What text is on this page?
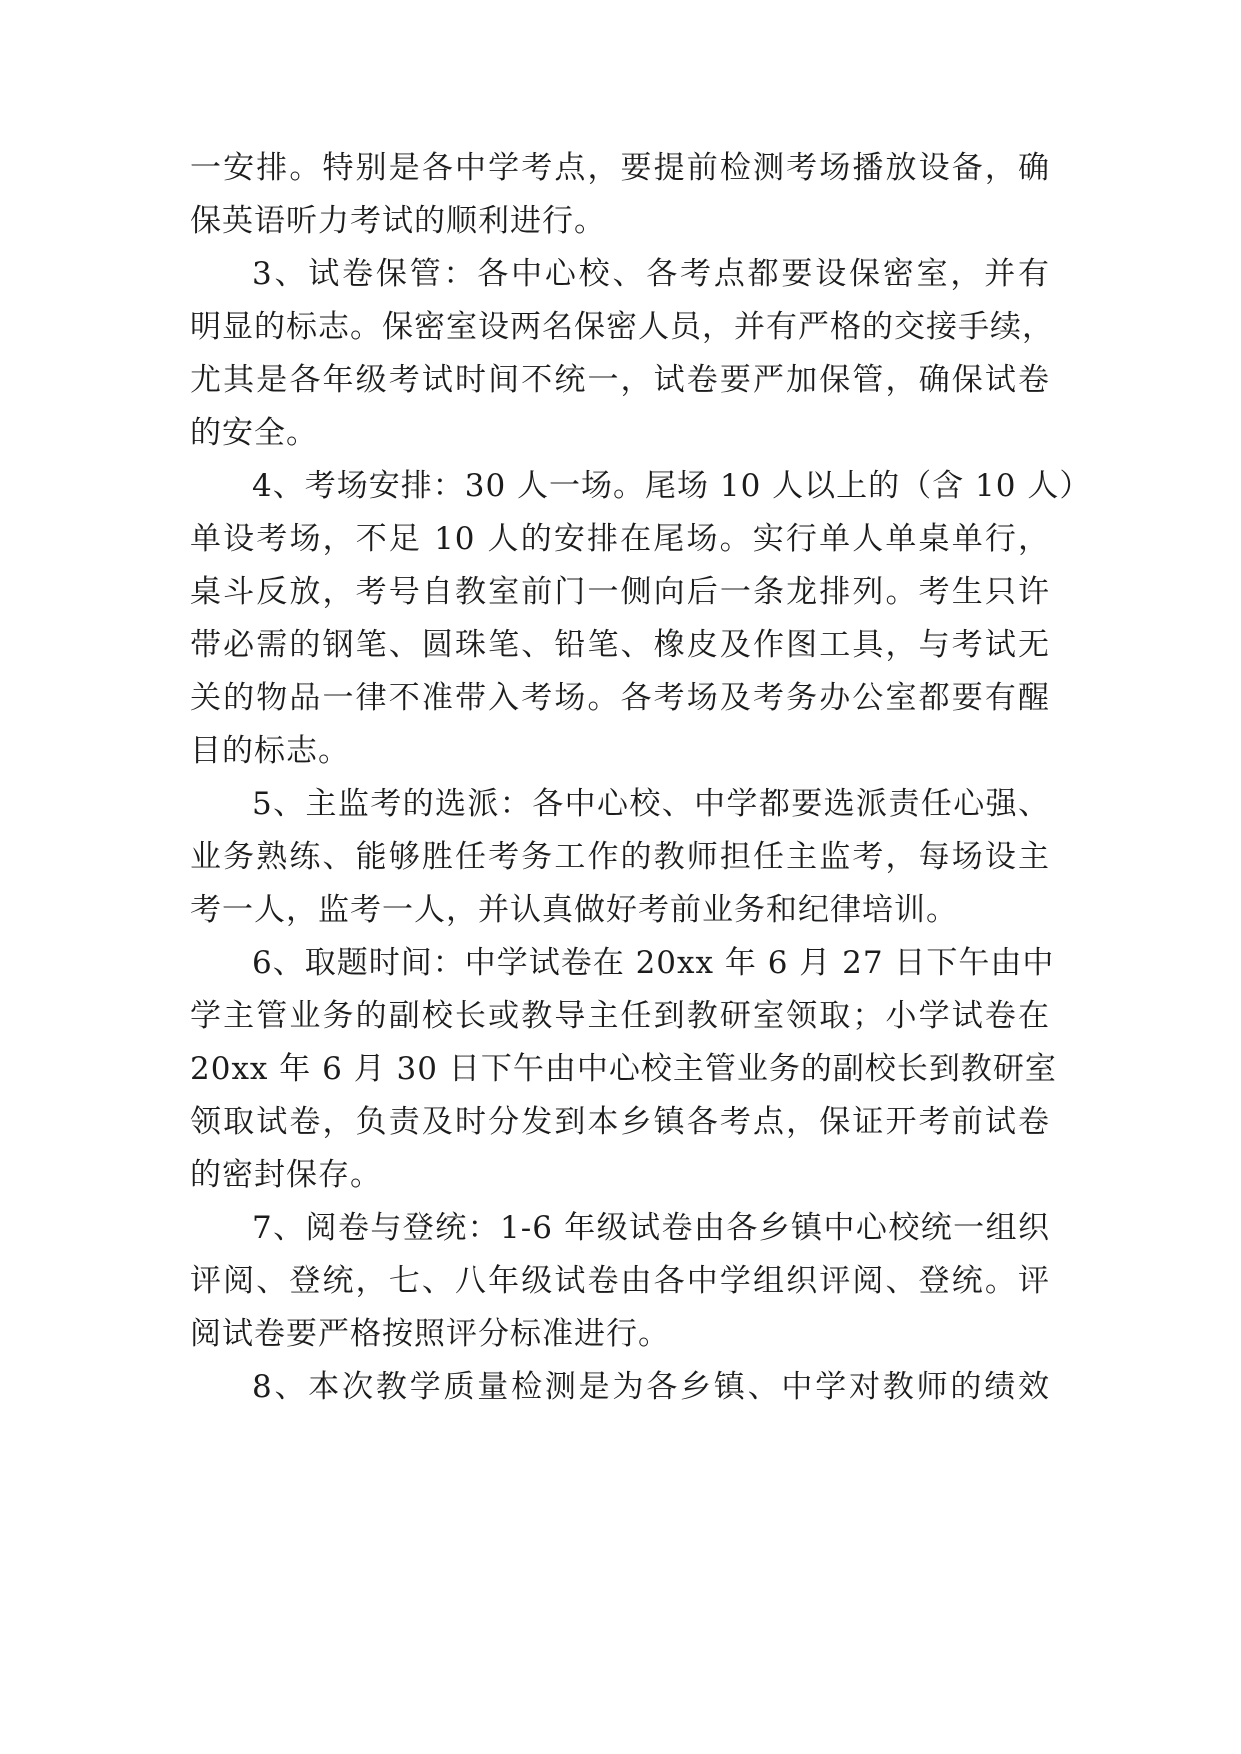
一安排。特别是各中学考点，要提前检测考场播放设备，确
保英语听力考试的顺利进行。
3、试卷保管：各中心校、各考点都要设保密室，并有
明显的标志。保密室设两名保密人员，并有严格的交接手续，
尤其是各年级考试时间不统一，试卷要严加保管，确保试卷
的安全。
4、考场安排：30 人一场。尾场 10 人以上的（含 10 人）
单设考场，不足 10 人的安排在尾场。实行单人单桌单行，
桌斗反放，考号自教室前门一侧向后一条龙排列。考生只许
带必需的钢笔、圆珠笔、铅笔、橡皮及作图工具，与考试无
关的物品一律不准带入考场。各考场及考务办公室都要有醒
目的标志。
5、主监考的选派：各中心校、中学都要选派责任心强、
业务熟练、能够胜任考务工作的教师担任主监考，每场设主
考一人，监考一人，并认真做好考前业务和纪律培训。
6、取题时间：中学试卷在 20xx 年 6 月 27 日下午由中
学主管业务的副校长或教导主任到教研室领取；小学试卷在
20xx 年 6 月 30 日下午由中心校主管业务的副校长到教研室
领取试卷，负责及时分发到本乡镇各考点，保证开考前试卷
的密封保存。
7、阅卷与登统：1-6 年级试卷由各乡镇中心校统一组织
评阅、登统，七、八年级试卷由各中学组织评阅、登统。评
阅试卷要严格按照评分标准进行。
8、本次教学质量检测是为各乡镇、中学对教师的绩效
